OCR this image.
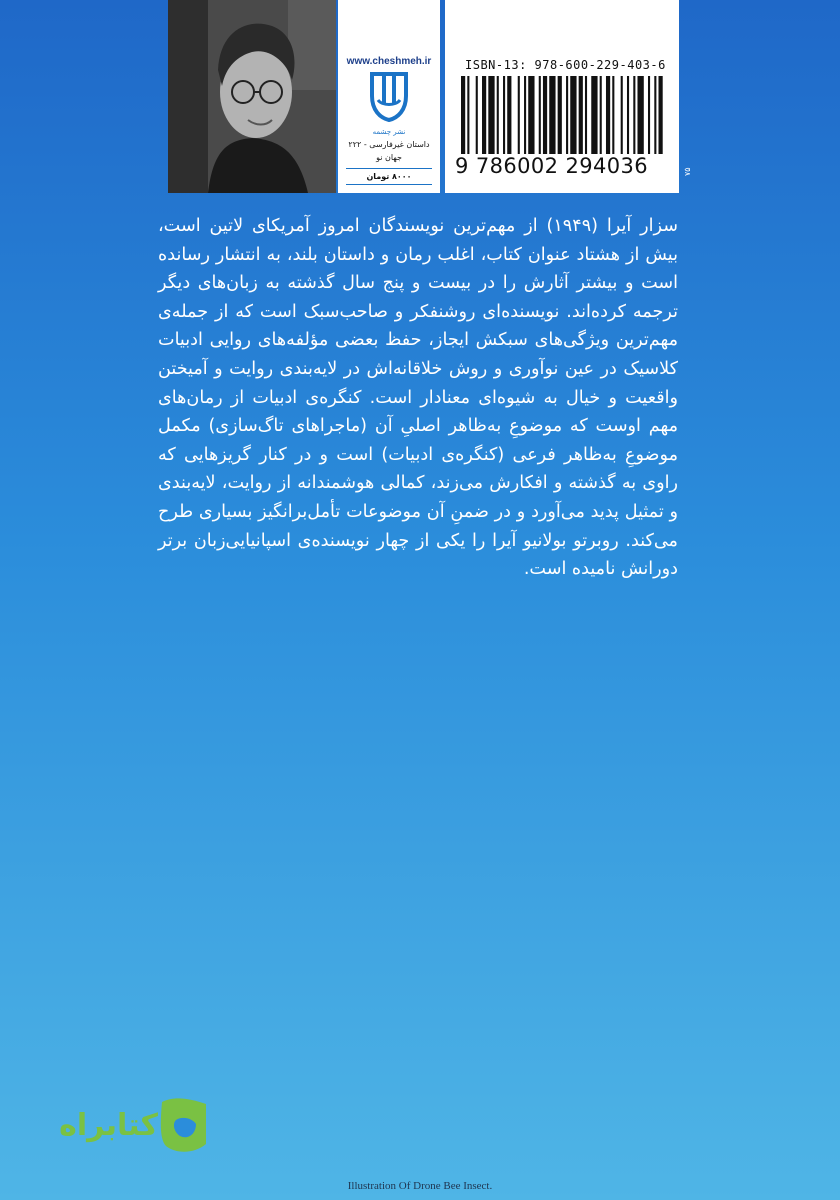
www.cheshmeh.ir
نشر چشمه
داستان غیرفارسی - ۲۲۲
جهان نو
۸۰۰۰ تومان
ISBN-13: 978-600-229-403-6
9 786002 294036	۷۵

سزار آیرا (۱۹۴۹) از مهم‌ترین نویسندگان امروز آمریکای لاتین است، بیش از هشتاد عنوان کتاب، اغلب رمان و داستان بلند، به انتشار رسانده است و بیشتر آثارش را در بیست و پنج سال گذشته به زبان‌های دیگر ترجمه کرده‌اند. نویسنده‌ای روشنفکر و صاحب‌سبک است که از جمله‌ی مهم‌ترین ویژگی‌های سبکش ایجاز، حفظ بعضی مؤلفه‌های روایی ادبیات کلاسیک در عین نوآوری و روش خلاقانه‌اش در لایه‌بندی روایت و آمیختن واقعیت و خیال به شیوه‌ای معنادار است. کنگره‌ی ادبیات از رمان‌های مهم اوست که موضوعِ به‌ظاهر اصلیِ آن (ماجراهای تاگ‌سازی) مکمل موضوعِ به‌ظاهر فرعی (کنگره‌ی ادبیات) است و در کنار گریزهایی که راوی به گذشته و افکارش می‌زند، کمالی هوشمندانه از روایت، لایه‌بندی و تمثیل پدید می‌آورد و در ضمنِ آن موضوعات تأمل‌برانگیز بسیاری طرح می‌کند. روبرتو بولانیو آیرا را یکی از چهار نویسنده‌ی اسپانیایی‌زبان برتر دورانش نامیده است.

کتابراه
Illustration Of Drone Bee Insect.
